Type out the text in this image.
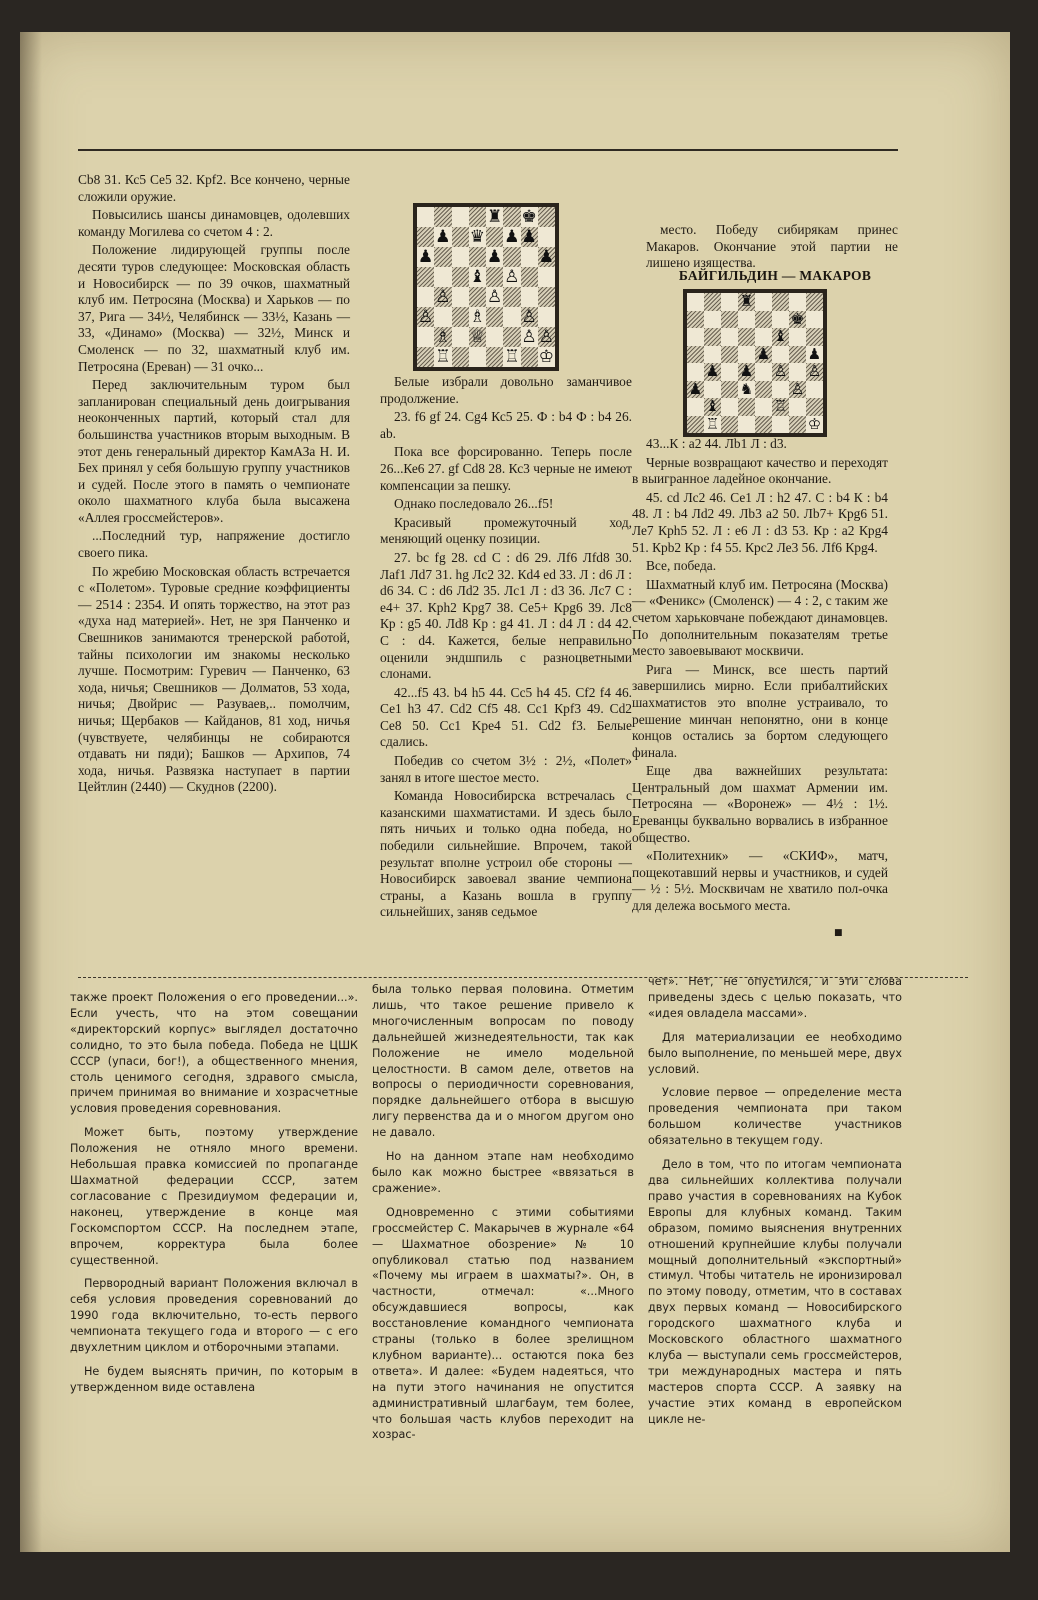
Сb8 31. Кс5 Се5 32. Крf2. Все кончено, черные сложили оружие.

Повысились шансы динамовцев, одолевших команду Могилева со счетом 4 : 2.

Положение лидирующей группы после десяти туров следующее: Московская область и Новосибирск — по 39 очков, шахматный клуб им. Петросяна (Москва) и Харьков — по 37, Рига — 34½, Челябинск — 33½, Казань — 33, «Динамо» (Москва) — 32½, Минск и Смоленск — по 32, шахматный клуб им. Петросяна (Ереван) — 31 очко...

Перед заключительным туром был запланирован специальный день доигрывания неоконченных партий, который стал для большинства участников вторым выходным. В этот день генеральный директор КамАЗа Н. И. Бех принял у себя большую группу участников и судей. После этого в память о чемпионате около шахматного клуба была высажена «Аллея гроссмейстеров».

...Последний тур, напряжение достигло своего пика.

По жребию Московская область встречается с «Полетом». Туровые средние коэффициенты — 2514 : 2354. И опять торжество, на этот раз «духа над материей». Нет, не зря Панченко и Свешников занимаются тренерской работой, тайны психологии им знакомы несколько лучше. Посмотрим: Гуревич — Панченко, 63 хода, ничья; Свешников — Долматов, 53 хода, ничья; Двойрис — Разуваев,.. помолчим, ничья; Щербаков — Кайданов, 81 ход, ничья (чувствуете, челябинцы не собираются отдавать ни пяди); Башков — Архипов, 74 хода, ничья. Развязка наступает в партии Цейтлин (2440) — Скуднов (2200).

♜ ♚
♟ ♛ ♟ ♟
♟	♟ ♟
♝ ♙
♙ ♙
♙ ♗ ♙
♗ ♕ ♙ ♙
♖	♖ ♔

Белые избрали довольно заманчивое продолжение.

23. f6 gf 24. Cg4 Кс5 25. Ф : b4 Ф : b4 26. ab.

Пока все форсированно. Теперь после 26...Ке6 27. gf Cd8 28. Кс3 черные не имеют компенсации за пешку.

Однако последовало 26...f5!

Красивый промежуточный ход, меняющий оценку позиции.

27. bc fg 28. cd C : d6 29. Лf6 Лfd8 30. Лaf1 Лd7 31. hg Лс2 32. Кd4 ed 33. Л : d6 Л : d6 34. C : d6 Лd2 35. Лс1 Л : d3 36. Лс7 C : e4+ 37. Крh2 Крg7 38. Се5+ Крg6 39. Лс8 Кр : g5 40. Лd8 Кр : g4 41. Л : d4 Л : d4 42. С : d4. Кажется, белые неправильно оценили эндшпиль с разноцветными слонами.

42...f5 43. b4 h5 44. Сс5 h4 45. Cf2 f4 46. Се1 h3 47. Cd2 Cf5 48. Cc1 Крf3 49. Cd2 Ce8 50. Cc1 Kpe4 51. Cd2 f3. Белые сдались.

Победив со счетом 3½ : 2½, «Полет» занял в итоге шестое место.

Команда Новосибирска встречалась с казанскими шахматистами. И здесь было пять ничьих и только одна победа, но победили сильнейшие. Впрочем, такой результат вполне устроил обе стороны — Новосибирск завоевал звание чемпиона страны, а Казань вошла в группу сильнейших, заняв седьмое

место. Победу сибирякам принес Макаров. Окончание этой партии не лишено изящества.

БАЙГИЛЬДИН — МАКАРОВ
♜
♚
♝
♟ ♟
♟ ♟ ♙ ♙
♟ ♞ ♙
♝	♖
♖	♔

43...К : а2 44. Лb1 Л : d3.

Черные возвращают качество и переходят в выигранное ладейное окончание.

45. cd Лс2 46. Се1 Л : h2 47. C : b4 К : b4 48. Л : b4 Лd2 49. Лb3 а2 50. Лb7+ Крg6 51. Ле7 Крh5 52. Л : е6 Л : d3 53. Кр : а2 Крg4 51. Крb2 Кр : f4 55. Крс2 Ле3 56. Лf6 Крg4.

Все, победа.

Шахматный клуб им. Петросяна (Москва) — «Феникс» (Смоленск) — 4 : 2, с таким же счетом харьковчане побеждают динамовцев. По дополнительным показателям третье место завоевывают москвичи.

Рига — Минск, все шесть партий завершились мирно. Если прибалтийских шахматистов это вполне устраивало, то решение минчан непонятно, они в конце концов остались за бортом следующего финала.

Еще два важнейших результата: Центральный дом шахмат Армении им. Петросяна — «Воронеж» — 4½ : 1½. Ереванцы буквально ворвались в избранное общество.

«Политехник» — «СКИФ», матч, пощекотавший нервы и участников, и судей — ½ : 5½. Москвичам не хватило пол-очка для дележа восьмого места.

■

также проект Положения о его проведении...». Если учесть, что на этом совещании «директорский корпус» выглядел достаточно солидно, то это была победа. Победа не ЦШК СССР (упаси, бог!), а общественного мнения, столь ценимого сегодня, здравого смысла, причем принимая во внимание и хозрасчетные условия проведения соревнования.

Может быть, поэтому утверждение Положения не отняло много времени. Небольшая правка комиссией по пропаганде Шахматной федерации СССР, затем согласование с Президиумом федерации и, наконец, утверждение в конце мая Госкомспортом СССР. На последнем этапе, впрочем, корректура была более существенной.

Первородный вариант Положения включал в себя условия проведения соревнований до 1990 года включительно, то-есть первого чемпионата текущего года и второго — с его двухлетним циклом и отборочными этапами.

Не будем выяснять причин, по которым в утвержденном виде оставлена

была только первая половина. Отметим лишь, что такое решение привело к многочисленным вопросам по поводу дальнейшей жизнедеятельности, так как Положение не имело модельной целостности. В самом деле, ответов на вопросы о периодичности соревнования, порядке дальнейшего отбора в высшую лигу первенства да и о многом другом оно не давало.

Но на данном этапе нам необходимо было как можно быстрее «ввязаться в сражение».

Одновременно с этими событиями гроссмейстер С. Макарычев в журнале «64 — Шахматное обозрение» № 10 опубликовал статью под названием «Почему мы играем в шахматы?». Он, в частности, отмечал: «...Много обсуждавшиеся вопросы, как восстановление командного чемпионата страны (только в более зрелищном клубном варианте)... остаются пока без ответа». И далее: «Будем надеяться, что на пути этого начинания не опустится административный шлагбаум, тем более, что большая часть клубов переходит на хозрас-

чет». Нет, не опустился, и эти слова приведены здесь с целью показать, что «идея овладела массами».

Для материализации ее необходимо было выполнение, по меньшей мере, двух условий.

Условие первое — определение места проведения чемпионата при таком большом количестве участников обязательно в текущем году.

Дело в том, что по итогам чемпионата два сильнейших коллектива получали право участия в соревнованиях на Кубок Европы для клубных команд. Таким образом, помимо выяснения внутренних отношений крупнейшие клубы получали мощный дополнительный «экспортный» стимул. Чтобы читатель не иронизировал по этому поводу, отметим, что в составах двух первых команд — Новосибирского городского шахматного клуба и Московского областного шахматного клуба — выступали семь гроссмейстеров, три международных мастера и пять мастеров спорта СССР. А заявку на участие этих команд в европейском цикле не-
